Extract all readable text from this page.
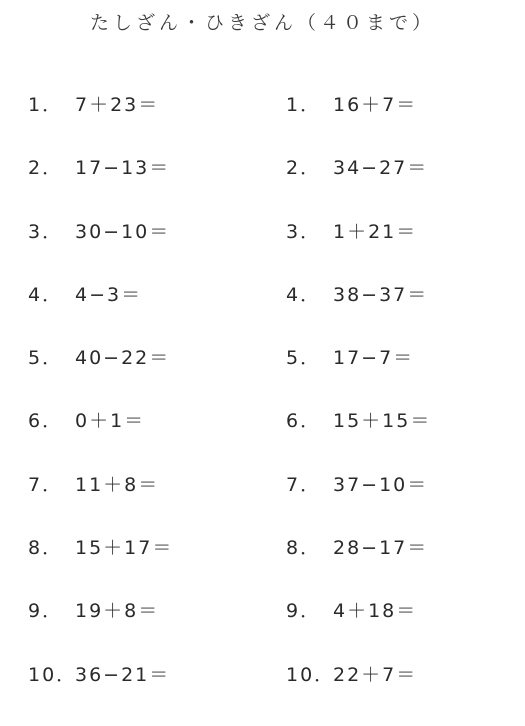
たしざん・ひきざん（４０まで）
1． 7＋23＝
2． 17−13＝
3． 30−10＝
4． 4−3＝
5． 40−22＝
6． 0＋1＝
7． 11＋8＝
8． 15＋17＝
9． 19＋8＝
10．
36−21＝
1． 16＋7＝
2． 34−27＝
3． 1＋21＝
4． 38−37＝
5． 17−7＝
6． 15＋15＝
7． 37−10＝
8． 28−17＝
9． 4＋18＝
10．
22＋7＝
